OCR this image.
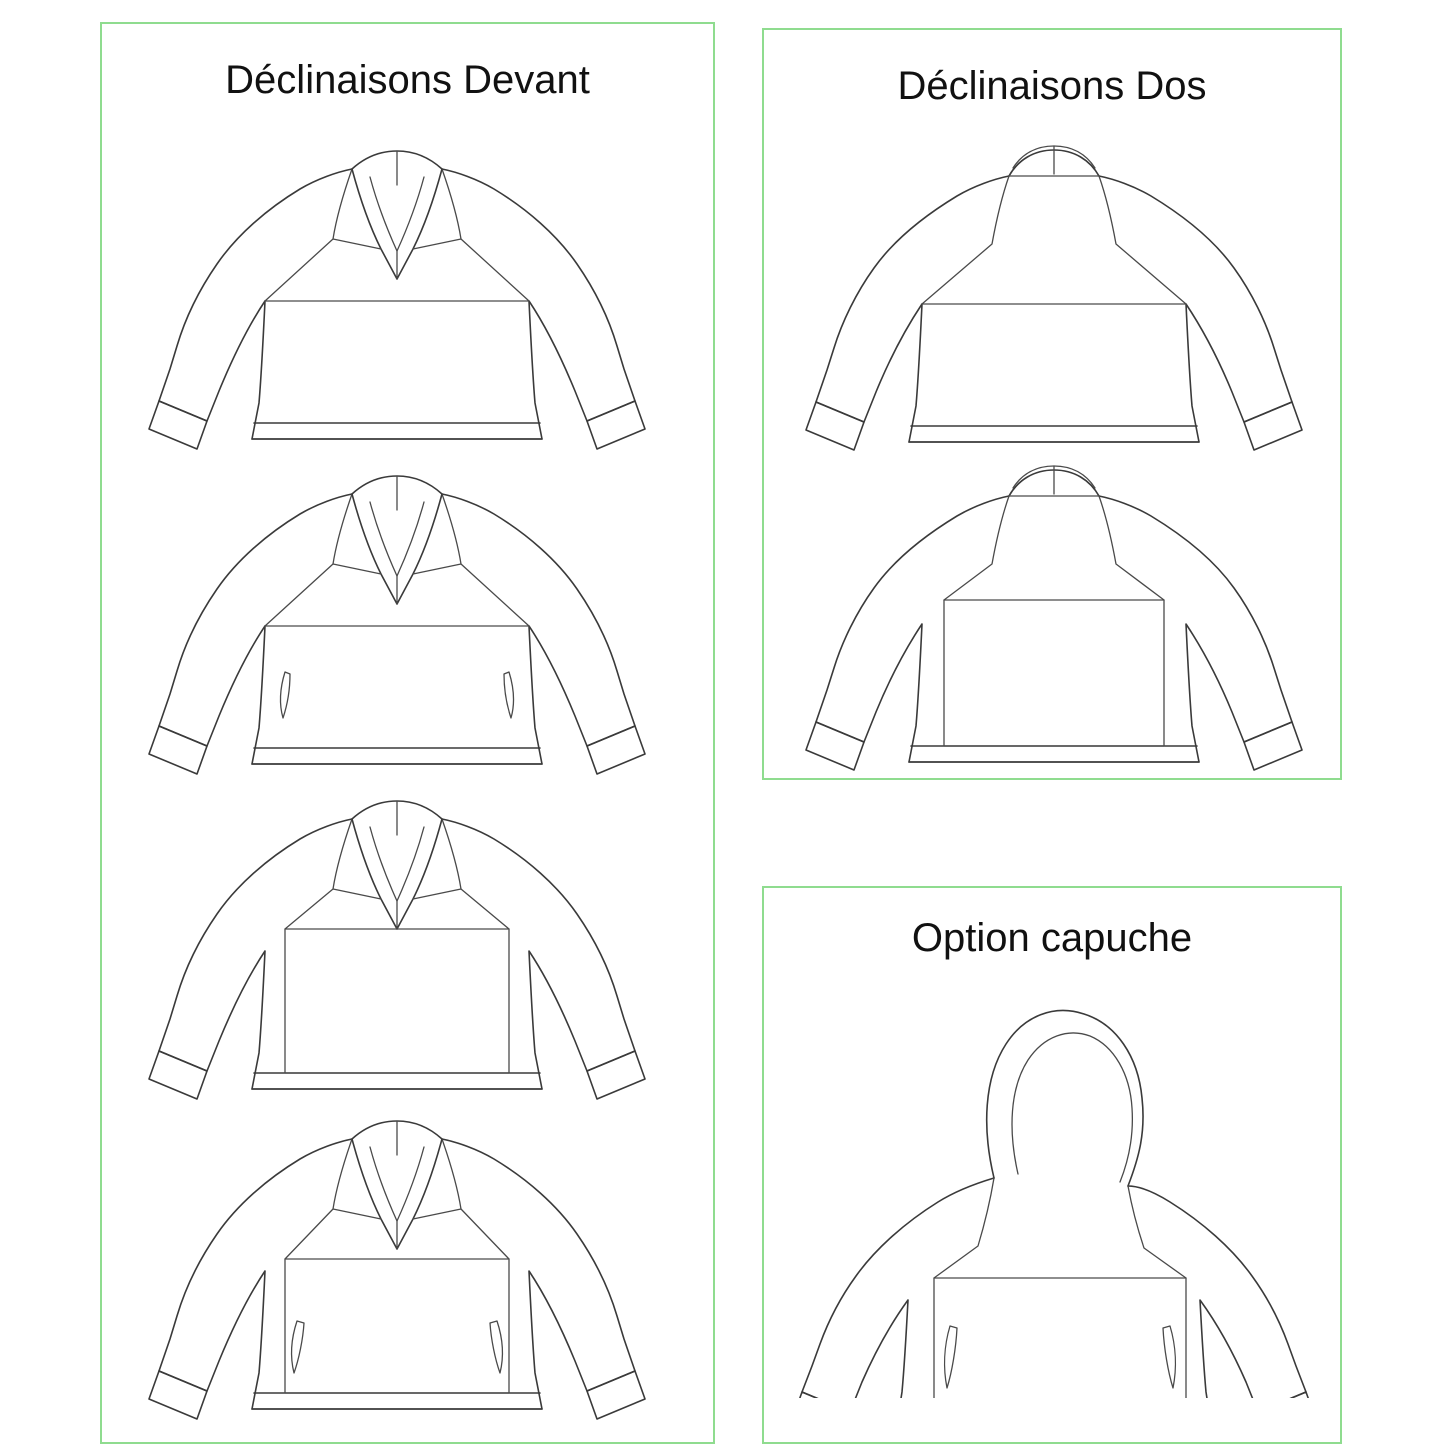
Déclinaisons Devant	Déclinaisons Dos
Option capuche
